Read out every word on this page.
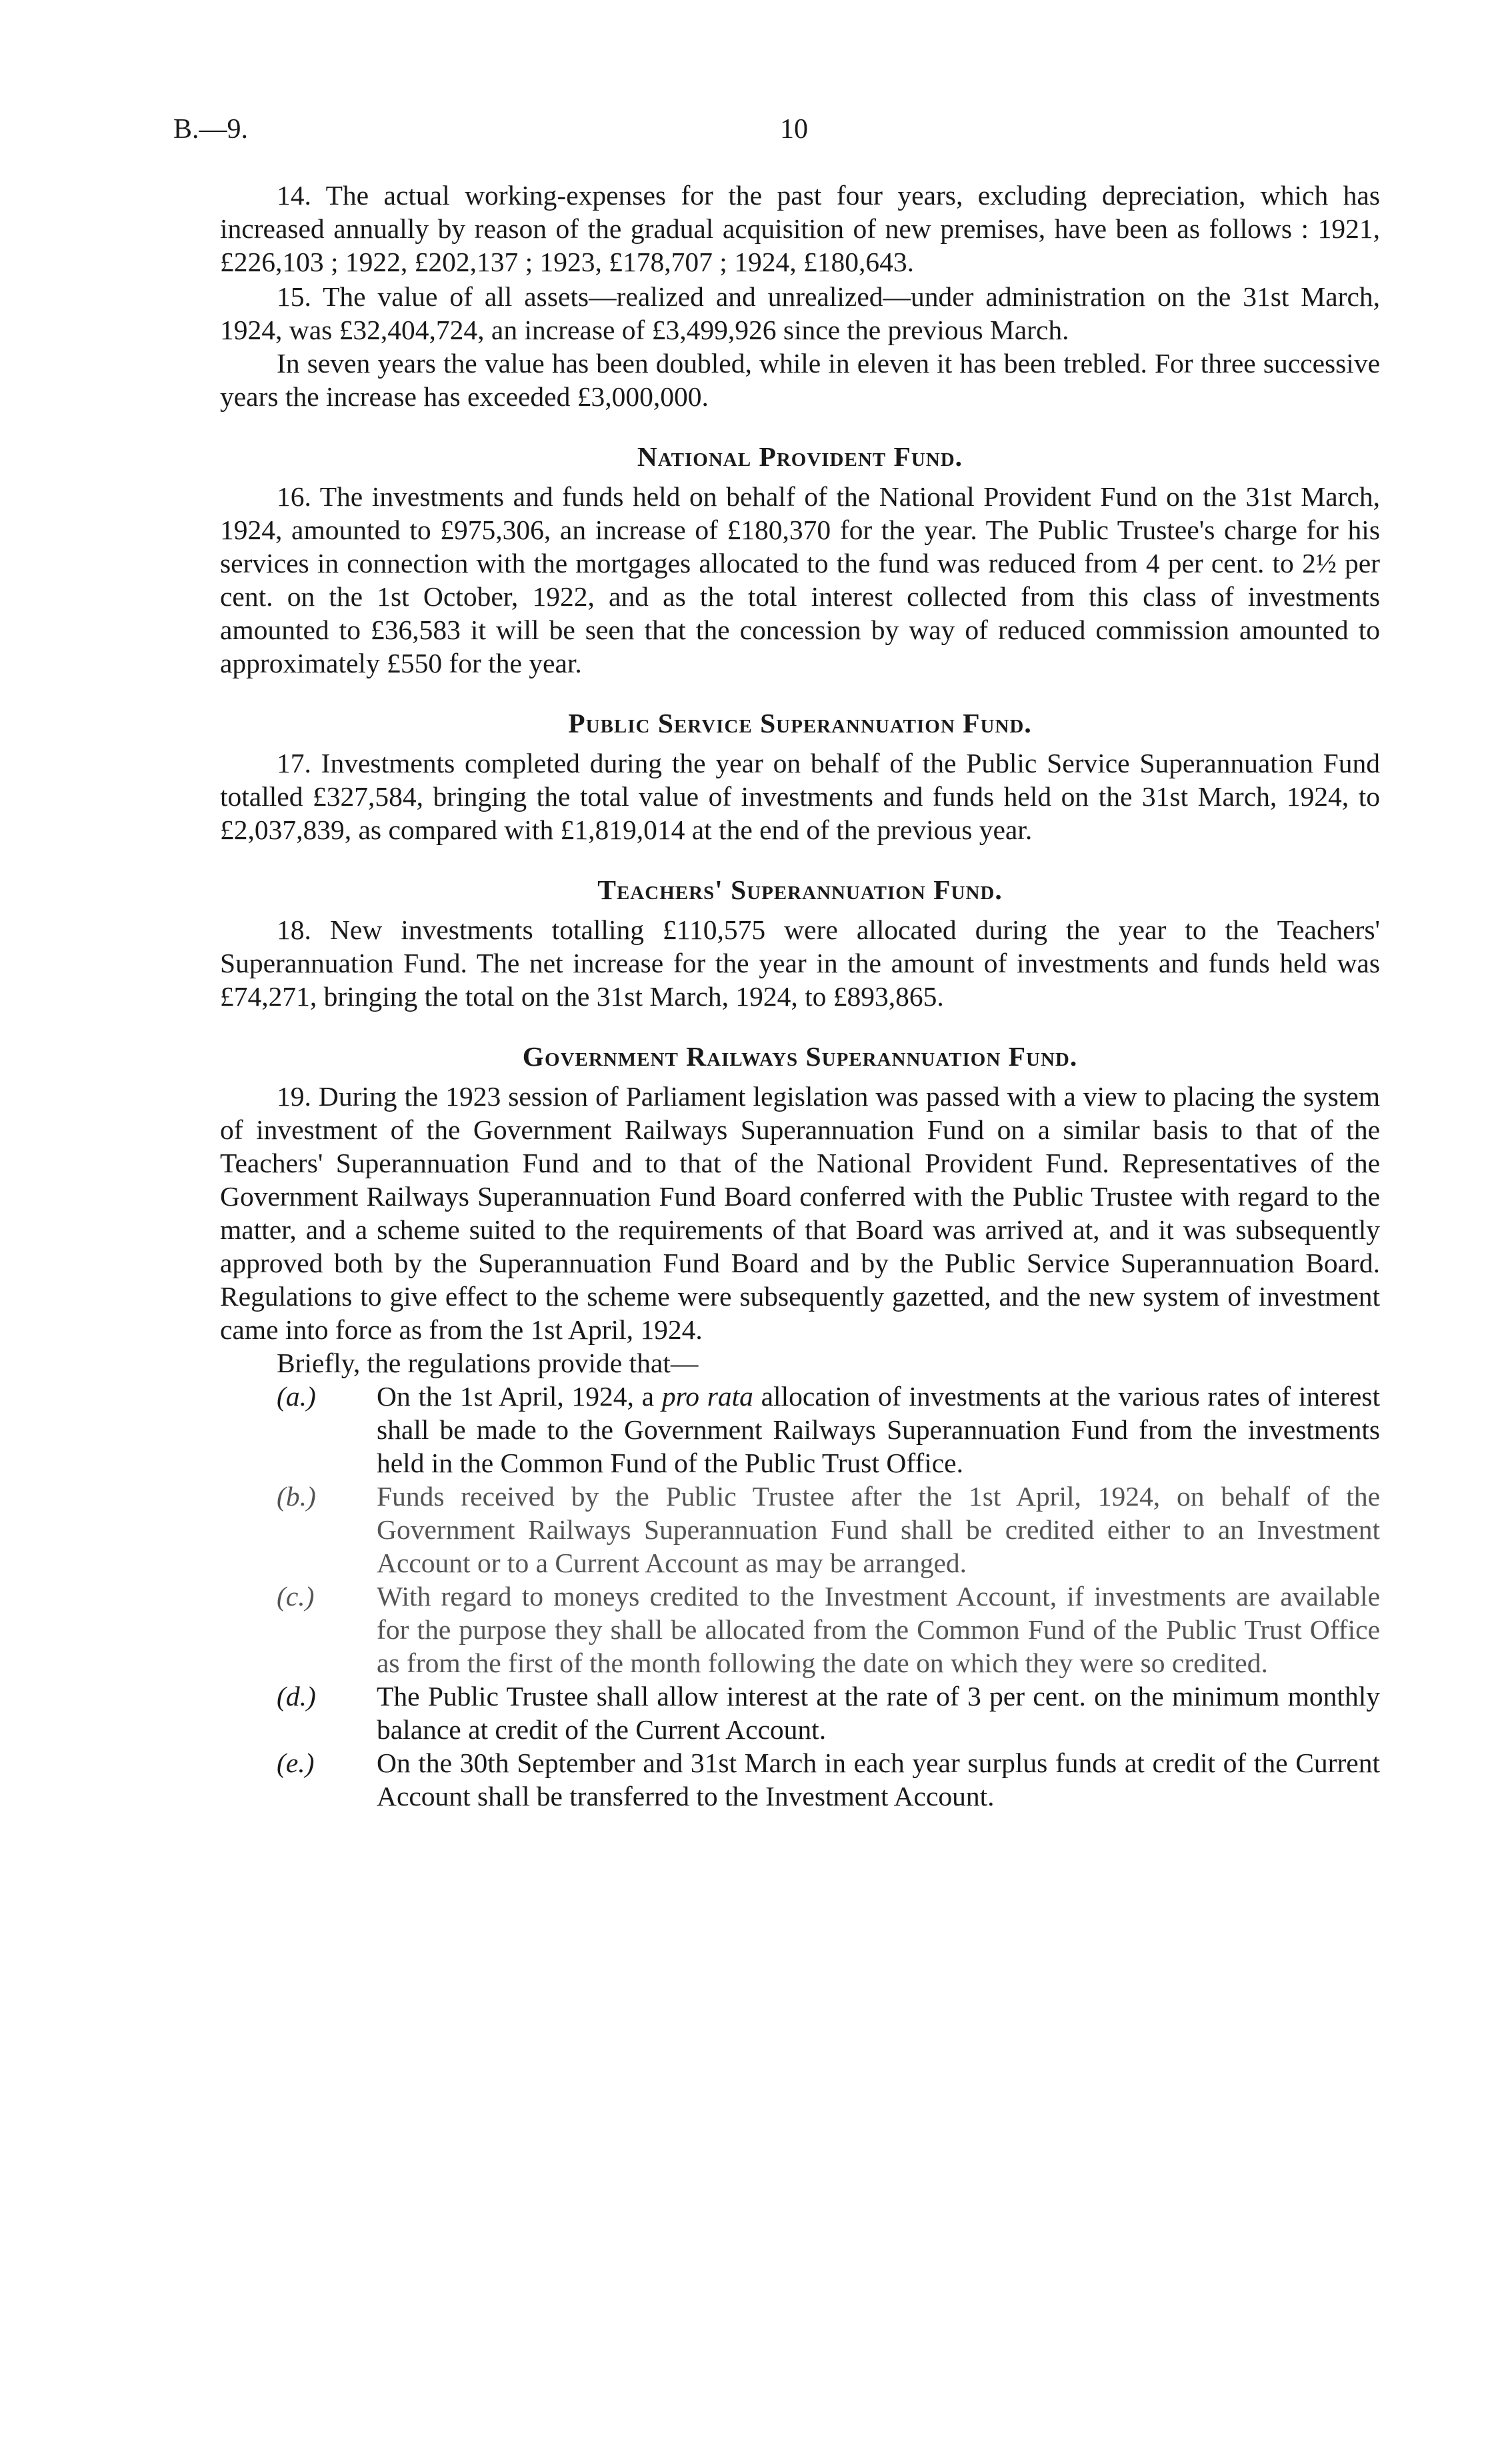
B.—9.	10

14. The actual working-expenses for the past four years, excluding depreciation, which has increased annually by reason of the gradual acquisition of new premises, have been as follows : 1921, £226,103 ; 1922, £202,137 ; 1923, £178,707 ; 1924, £180,643.

15. The value of all assets—realized and unrealized—under administration on the 31st March, 1924, was £32,404,724, an increase of £3,499,926 since the previous March.

In seven years the value has been doubled, while in eleven it has been trebled. For three successive years the increase has exceeded £3,000,000.

National Provident Fund.

16. The investments and funds held on behalf of the National Provident Fund on the 31st March, 1924, amounted to £975,306, an increase of £180,370 for the year. The Public Trustee's charge for his services in connection with the mortgages allocated to the fund was reduced from 4 per cent. to 2½ per cent. on the 1st October, 1922, and as the total interest collected from this class of investments amounted to £36,583 it will be seen that the concession by way of reduced commission amounted to approximately £550 for the year.

Public Service Superannuation Fund.

17. Investments completed during the year on behalf of the Public Service Superannuation Fund totalled £327,584, bringing the total value of investments and funds held on the 31st March, 1924, to £2,037,839, as compared with £1,819,014 at the end of the previous year.

Teachers' Superannuation Fund.

18. New investments totalling £110,575 were allocated during the year to the Teachers' Superannuation Fund. The net increase for the year in the amount of investments and funds held was £74,271, bringing the total on the 31st March, 1924, to £893,865.

Government Railways Superannuation Fund.

19. During the 1923 session of Parliament legislation was passed with a view to placing the system of investment of the Government Railways Superannuation Fund on a similar basis to that of the Teachers' Superannuation Fund and to that of the National Provident Fund. Representatives of the Government Railways Superannuation Fund Board conferred with the Public Trustee with regard to the matter, and a scheme suited to the requirements of that Board was arrived at, and it was subsequently approved both by the Superannuation Fund Board and by the Public Service Superannuation Board. Regulations to give effect to the scheme were subsequently gazetted, and the new system of investment came into force as from the 1st April, 1924.

Briefly, the regulations provide that—

(a.) On the 1st April, 1924, a pro rata allocation of investments at the various rates of interest shall be made to the Government Railways Superannuation Fund from the investments held in the Common Fund of the Public Trust Office.
(b.) Funds received by the Public Trustee after the 1st April, 1924, on behalf of the Government Railways Superannuation Fund shall be credited either to an Investment Account or to a Current Account as may be arranged.
(c.) With regard to moneys credited to the Investment Account, if investments are available for the purpose they shall be allocated from the Common Fund of the Public Trust Office as from the first of the month following the date on which they were so credited.
(d.) The Public Trustee shall allow interest at the rate of 3 per cent. on the minimum monthly balance at credit of the Current Account.
(e.) On the 30th September and 31st March in each year surplus funds at credit of the Current Account shall be transferred to the Investment Account.
